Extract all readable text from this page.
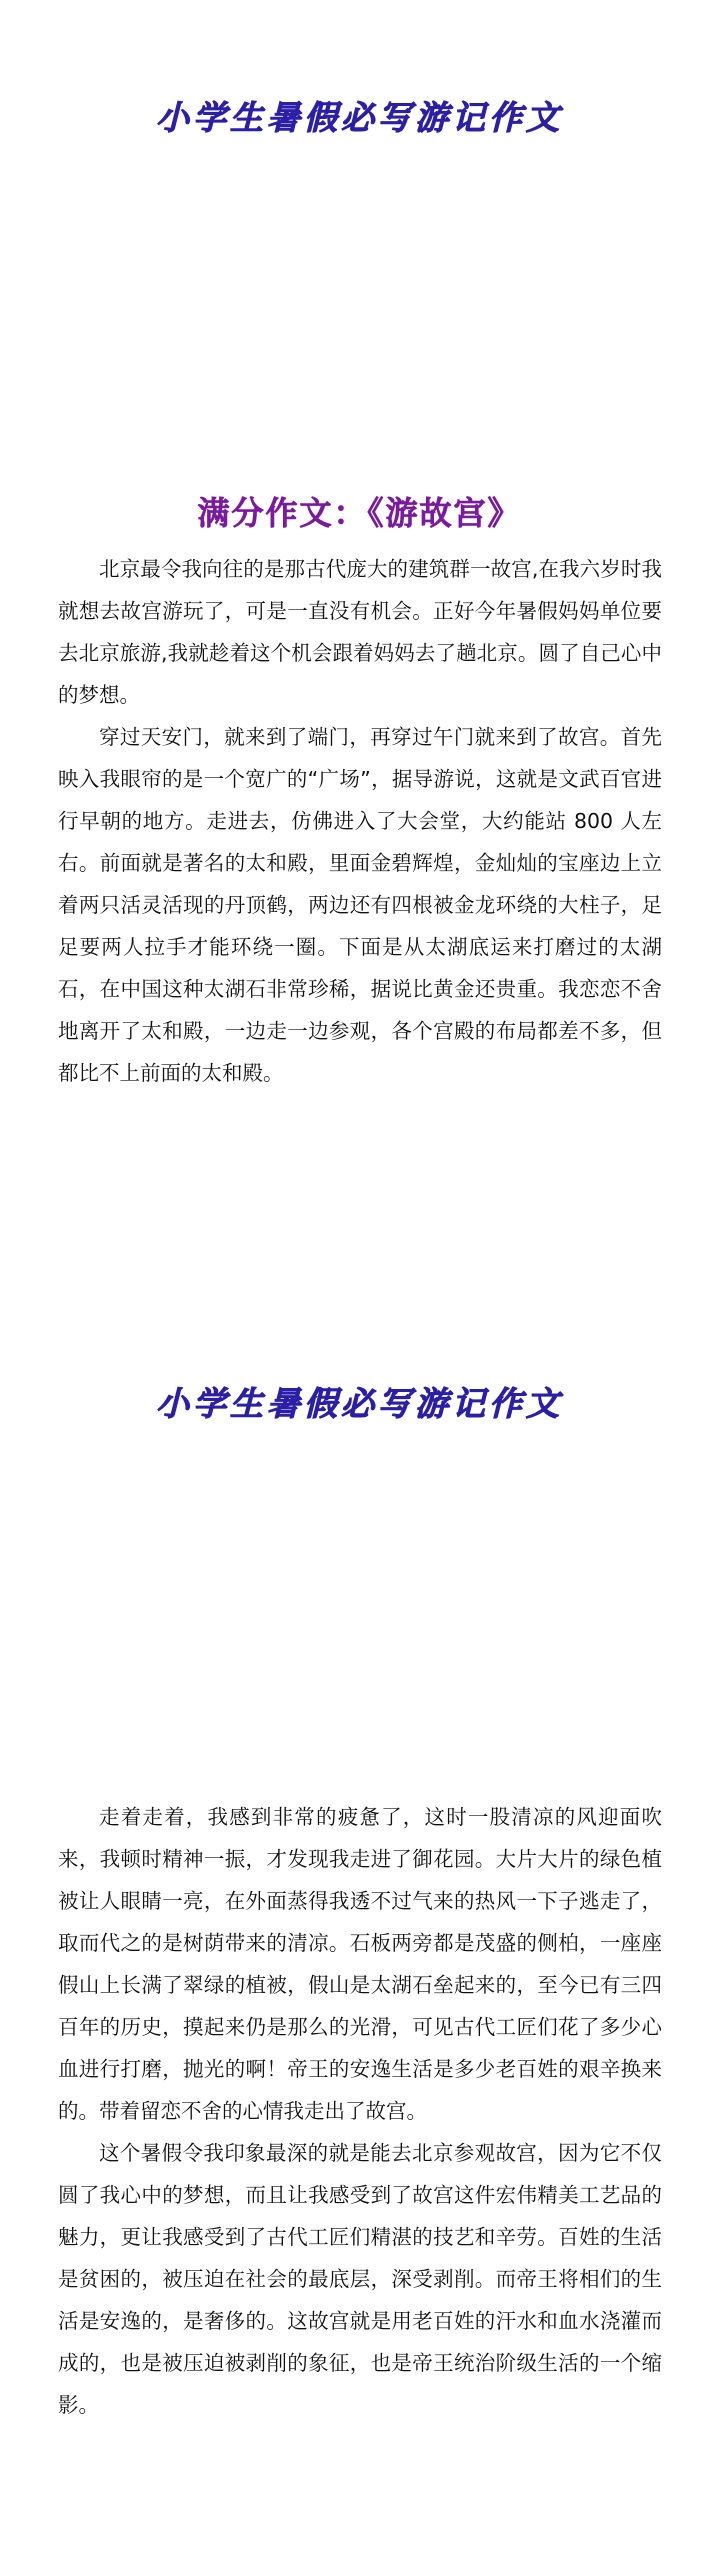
小学生暑假必写游记作文
满分作文：《游故宫》

北京最令我向往的是那古代庞大的建筑群一故宫,在我六岁时我就想去故宫游玩了，可是一直没有机会。正好今年暑假妈妈单位要去北京旅游,我就趁着这个机会跟着妈妈去了趟北京。圆了自己心中的梦想。

穿过天安门，就来到了端门，再穿过午门就来到了故宫。首先映入我眼帘的是一个宽广的“广场”，据导游说，这就是文武百官进行早朝的地方。走进去，仿佛进入了大会堂，大约能站 800 人左右。前面就是著名的太和殿，里面金碧辉煌，金灿灿的宝座边上立着两只活灵活现的丹顶鹤，两边还有四根被金龙环绕的大柱子，足足要两人拉手才能环绕一圈。下面是从太湖底运来打磨过的太湖石，在中国这种太湖石非常珍稀，据说比黄金还贵重。我恋恋不舍地离开了太和殿，一边走一边参观，各个宫殿的布局都差不多，但都比不上前面的太和殿。

小学生暑假必写游记作文

走着走着，我感到非常的疲惫了，这时一股清凉的风迎面吹来，我顿时精神一振，才发现我走进了御花园。大片大片的绿色植被让人眼睛一亮，在外面蒸得我透不过气来的热风一下子逃走了，取而代之的是树荫带来的清凉。石板两旁都是茂盛的侧柏，一座座假山上长满了翠绿的植被，假山是太湖石垒起来的，至今已有三四百年的历史，摸起来仍是那么的光滑，可见古代工匠们花了多少心血进行打磨，抛光的啊！帝王的安逸生活是多少老百姓的艰辛换来的。带着留恋不舍的心情我走出了故宫。

这个暑假令我印象最深的就是能去北京参观故宫，因为它不仅圆了我心中的梦想，而且让我感受到了故宫这件宏伟精美工艺品的魅力，更让我感受到了古代工匠们精湛的技艺和辛劳。百姓的生活是贫困的，被压迫在社会的最底层，深受剥削。而帝王将相们的生活是安逸的，是奢侈的。这故宫就是用老百姓的汗水和血水浇灌而成的，也是被压迫被剥削的象征，也是帝王统治阶级生活的一个缩影。
